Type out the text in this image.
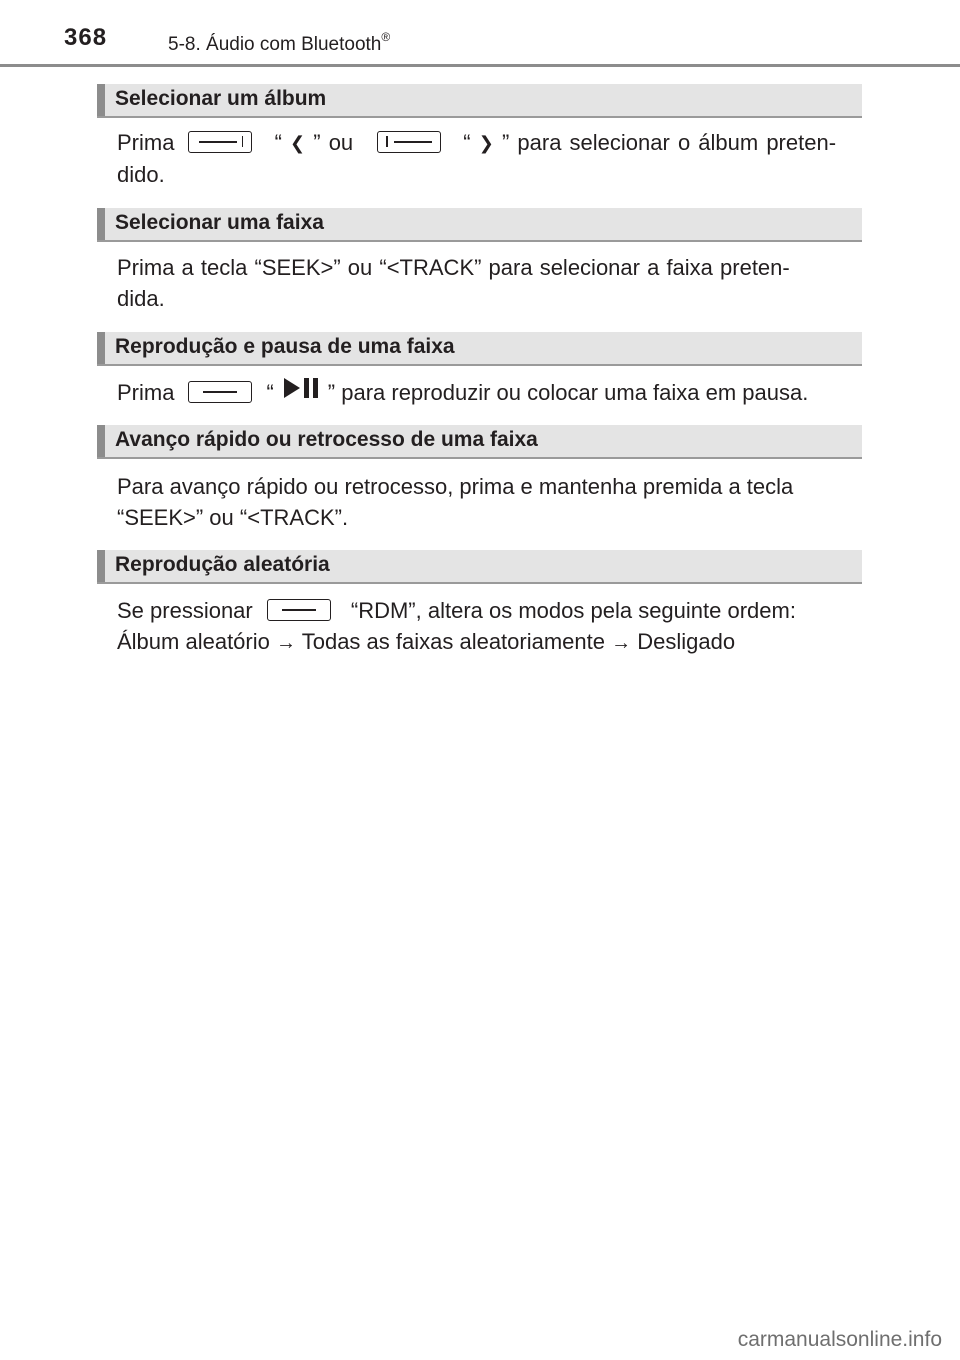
368	5-8. Áudio com Bluetooth®
Selecionar um álbum
Prima	“ ❮ ” ou	“ ❯ ” para selecionar o álbum preten-
dido.
Selecionar uma faixa
Prima a tecla “SEEK>” ou “<TRACK” para selecionar a faixa preten-
dida.
Reprodução e pausa de uma faixa
Prima	“ ” para reproduzir ou colocar uma faixa em pausa.
Avanço rápido ou retrocesso de uma faixa
Para avanço rápido ou retrocesso, prima e mantenha premida a tecla
“SEEK>” ou “<TRACK”.
Reprodução aleatória
Se pressionar	“RDM”, altera os modos pela seguinte ordem:
Álbum aleatório → Todas as faixas aleatoriamente → Desligado
carmanualsonline.info
